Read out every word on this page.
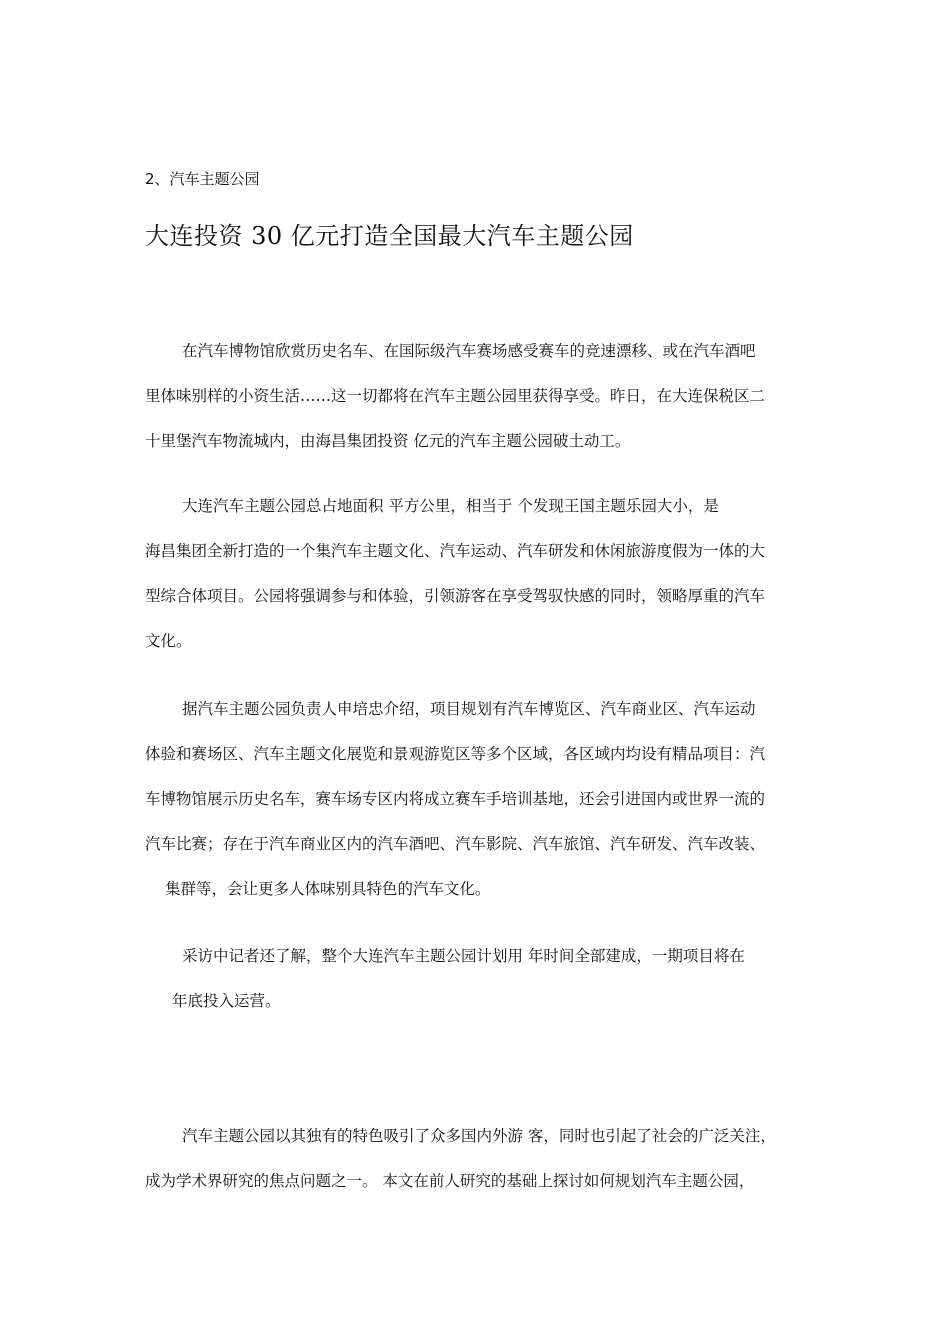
2、汽车主题公园
大连投资 30 亿元打造全国最大汽车主题公园
在汽车博物馆欣赏历史名车、在国际级汽车赛场感受赛车的竞速漂移、或在汽车酒吧
里体味别样的小资生活……这一切都将在汽车主题公园里获得享受。昨日，在大连保税区二
十里堡汽车物流城内，由海昌集团投资 亿元的汽车主题公园破土动工。
大连汽车主题公园总占地面积 平方公里，相当于 个发现王国主题乐园大小，是
海昌集团全新打造的一个集汽车主题文化、汽车运动、汽车研发和休闲旅游度假为一体的大
型综合体项目。公园将强调参与和体验，引领游客在享受驾驭快感的同时，领略厚重的汽车
文化。
据汽车主题公园负责人申培忠介绍，项目规划有汽车博览区、汽车商业区、汽车运动
体验和赛场区、汽车主题文化展览和景观游览区等多个区域，各区域内均设有精品项目：汽
车博物馆展示历史名车，赛车场专区内将成立赛车手培训基地，还会引进国内或世界一流的
汽车比赛；存在于汽车商业区内的汽车酒吧、汽车影院、汽车旅馆、汽车研发、汽车改装、
集群等，会让更多人体味别具特色的汽车文化。
采访中记者还了解，整个大连汽车主题公园计划用 年时间全部建成，一期项目将在
年底投入运营。
汽车主题公园以其独有的特色吸引了众多国内外游 客，同时也引起了社会的广泛关注，
成为学术界研究的焦点问题之一。 本文在前人研究的基础上探讨如何规划汽车主题公园，
